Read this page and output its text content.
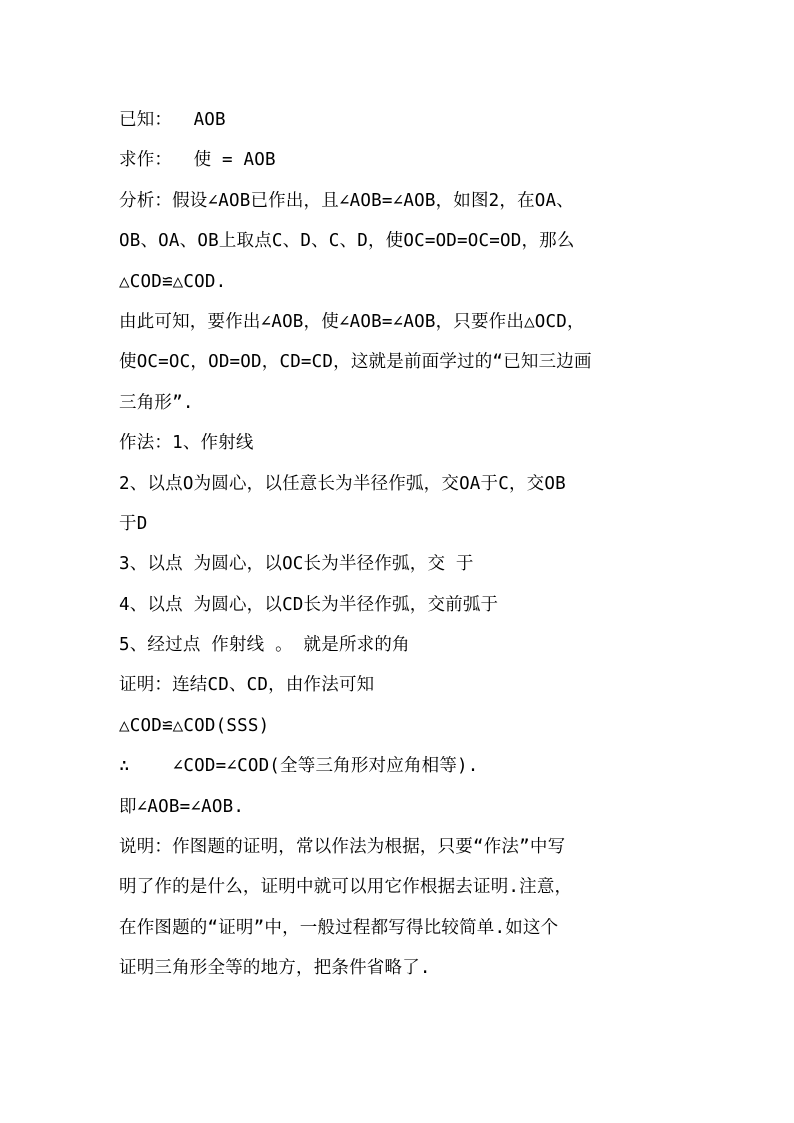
已知：  AOB
求作：  使 = AOB
分析：假设∠AOB已作出，且∠AOB=∠AOB，如图2，在OA、
OB、OA、OB上取点C、D、C、D，使OC=OD=OC=OD，那么
△COD≌△COD.
由此可知，要作出∠AOB，使∠AOB=∠AOB，只要作出△OCD，
使OC=OC，OD=OD，CD=CD，这就是前面学过的“已知三边画
三角形”.
作法：1、作射线
2、以点O为圆心，以任意长为半径作弧，交OA于C，交OB
于D
3、以点 为圆心，以OC长为半径作弧，交 于
4、以点 为圆心，以CD长为半径作弧，交前弧于
5、经过点 作射线 。 就是所求的角
证明：连结CD、CD，由作法可知
△COD≌△COD(SSS)
∴    ∠COD=∠COD(全等三角形对应角相等).
即∠AOB=∠AOB.
说明：作图题的证明，常以作法为根据，只要“作法”中写
明了作的是什么，证明中就可以用它作根据去证明.注意，
在作图题的“证明”中，一般过程都写得比较简单.如这个
证明三角形全等的地方，把条件省略了.
